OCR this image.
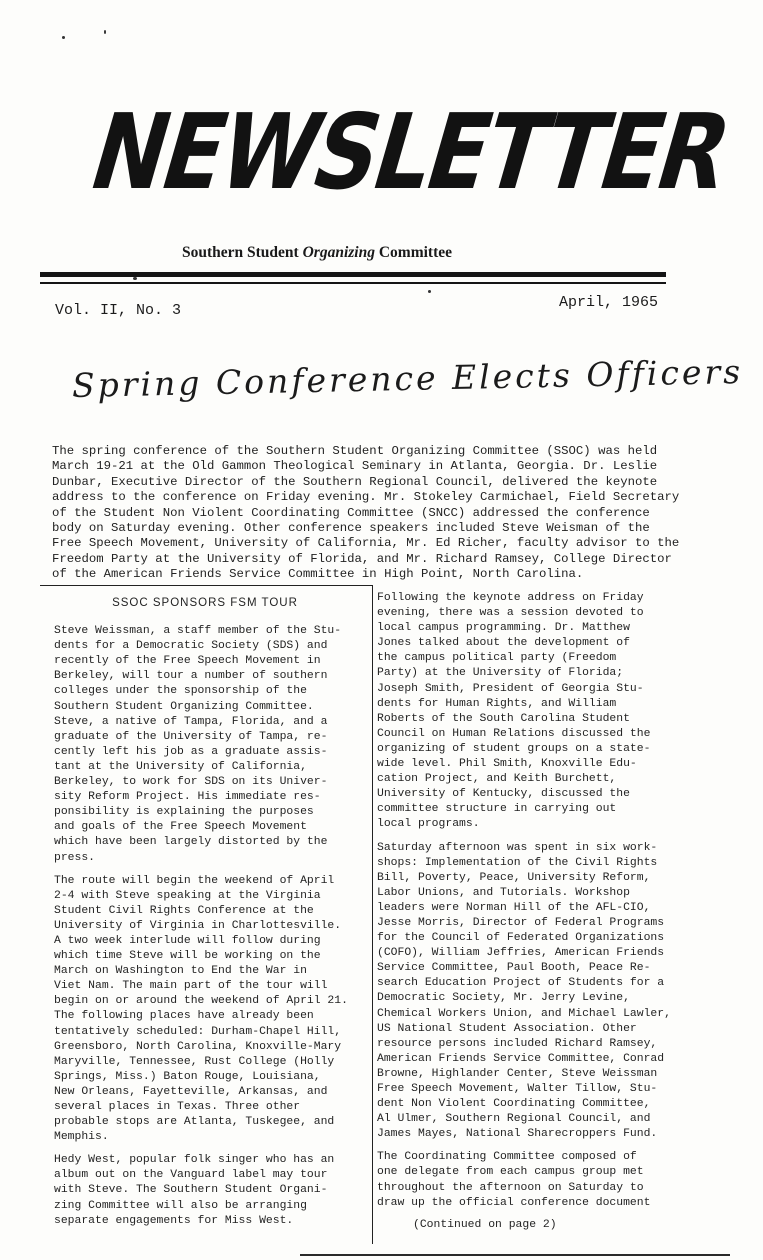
NEWSLETTER
Southern Student Organizing Committee
Vol. II, No. 3	April, 1965
Spring Conference Elects Officers
The spring conference of the Southern Student Organizing Committee (SSOC) was held
March 19-21 at the Old Gammon Theological Seminary in Atlanta, Georgia. Dr. Leslie
Dunbar, Executive Director of the Southern Regional Council, delivered the keynote
address to the conference on Friday evening. Mr. Stokeley Carmichael, Field Secretary
of the Student Non Violent Coordinating Committee (SNCC) addressed the conference
body on Saturday evening. Other conference speakers included Steve Weisman of the
Free Speech Movement, University of California, Mr. Ed Richer, faculty advisor to the
Freedom Party at the University of Florida, and Mr. Richard Ramsey, College Director
of the American Friends Service Committee in High Point, North Carolina.
SSOC SPONSORS FSM TOUR
Steve Weissman, a staff member of the Stu-
dents for a Democratic Society (SDS) and
recently of the Free Speech Movement in
Berkeley, will tour a number of southern
colleges under the sponsorship of the
Southern Student Organizing Committee.
Steve, a native of Tampa, Florida, and a
graduate of the University of Tampa, re-
cently left his job as a graduate assis-
tant at the University of California,
Berkeley, to work for SDS on its Univer-
sity Reform Project. His immediate res-
ponsibility is explaining the purposes
and goals of the Free Speech Movement
which have been largely distorted by the
press.
The route will begin the weekend of April
2-4 with Steve speaking at the Virginia
Student Civil Rights Conference at the
University of Virginia in Charlottesville.
A two week interlude will follow during
which time Steve will be working on the
March on Washington to End the War in
Viet Nam. The main part of the tour will
begin on or around the weekend of April 21.
The following places have already been
tentatively scheduled: Durham-Chapel Hill,
Greensboro, North Carolina, Knoxville-Mary
Maryville, Tennessee, Rust College (Holly
Springs, Miss.) Baton Rouge, Louisiana,
New Orleans, Fayetteville, Arkansas, and
several places in Texas. Three other
probable stops are Atlanta, Tuskegee, and
Memphis.
Hedy West, popular folk singer who has an
album out on the Vanguard label may tour
with Steve. The Southern Student Organi-
zing Committee will also be arranging
separate engagements for Miss West.
Following the keynote address on Friday
evening, there was a session devoted to
local campus programming. Dr. Matthew
Jones talked about the development of
the campus political party (Freedom
Party) at the University of Florida;
Joseph Smith, President of Georgia Stu-
dents for Human Rights, and William
Roberts of the South Carolina Student
Council on Human Relations discussed the
organizing of student groups on a state-
wide level. Phil Smith, Knoxville Edu-
cation Project, and Keith Burchett,
University of Kentucky, discussed the
committee structure in carrying out
local programs.
Saturday afternoon was spent in six work-
shops: Implementation of the Civil Rights
Bill, Poverty, Peace, University Reform,
Labor Unions, and Tutorials. Workshop
leaders were Norman Hill of the AFL-CIO,
Jesse Morris, Director of Federal Programs
for the Council of Federated Organizations
(COFO), William Jeffries, American Friends
Service Committee, Paul Booth, Peace Re-
search Education Project of Students for a
Democratic Society, Mr. Jerry Levine,
Chemical Workers Union, and Michael Lawler,
US National Student Association. Other
resource persons included Richard Ramsey,
American Friends Service Committee, Conrad
Browne, Highlander Center, Steve Weissman
Free Speech Movement, Walter Tillow, Stu-
dent Non Violent Coordinating Committee,
Al Ulmer, Southern Regional Council, and
James Mayes, National Sharecroppers Fund.
The Coordinating Committee composed of
one delegate from each campus group met
throughout the afternoon on Saturday to
draw up the official conference document
(Continued on page 2)
